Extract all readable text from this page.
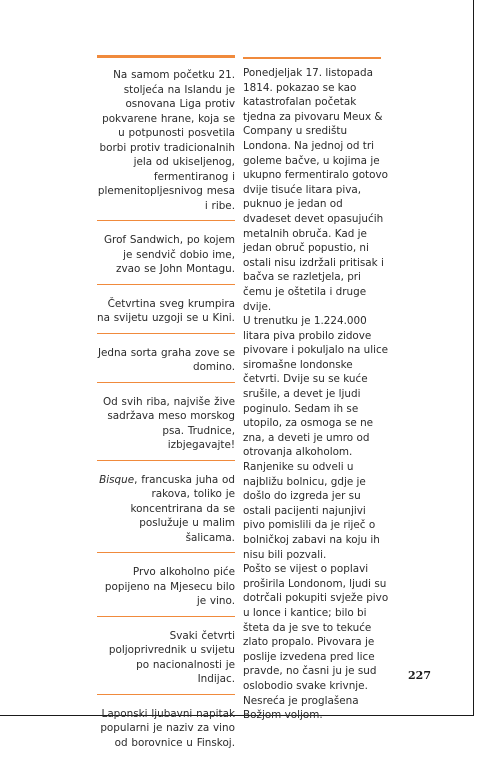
Na samom početku 21. stoljeća na Islandu je osnovana Liga protiv pokvarene hrane, koja se u potpunosti posvetila borbi protiv tradicionalnih jela od ukiseljenog, fermentiranog i plemenitopljesnivog mesa i ribe.
Grof Sandwich, po kojem je sendvič dobio ime, zvao se John Montagu.
Četvrtina sveg krumpira na svijetu uzgoji se u Kini.
Jedna sorta graha zove se domino.
Od svih riba, najviše žive sadržava meso morskog psa. Trudnice, izbjegavajte!
Bisque, francuska juha od rakova, toliko je koncentrirana da se poslužuje u malim šalicama.
Prvo alkoholno piće popijeno na Mjesecu bilo je vino.
Svaki četvrti poljoprivrednik u svijetu po nacionalnosti je Indijac.
Laponski ljubavni napitak popularni je naziv za vino od borovnice u Finskoj.

Ponedjeljak 17. listopada 1814. pokazao se kao katastrofalan početak tjedna za pivovaru Meux & Company u središtu Londona. Na jednoj od tri goleme bačve, u kojima je ukupno fermentiralo gotovo dvije tisuće litara piva, puknuo je jedan od dvadeset devet opasujućih metalnih obruča. Kad je jedan obruč popustio, ni ostali nisu izdržali pritisak i bačva se razletjela, pri čemu je oštetila i druge dvije.

U trenutku je 1.224.000 litara piva probilo zidove pivovare i pokuljalo na ulice siromašne londonske četvrti. Dvije su se kuće srušile, a devet je ljudi poginulo. Sedam ih se utopilo, za osmoga se ne zna, a deveti je umro od otrovanja alkoholom. Ranjenike su odveli u najbližu bolnicu, gdje je došlo do izgreda jer su ostali pacijenti najunjivi pivo pomislili da je riječ o bolničkoj zabavi na koju ih nisu bili pozvali.

Pošto se vijest o poplavi proširila Londonom, ljudi su dotrčali pokupiti svježe pivo u lonce i kantice; bilo bi šteta da je sve to tekuće zlato propalo. Pivovara je poslije izvedena pred lice pravde, no časni ju je sud oslobodio svake krivnje. Nesreća je proglašena Božjom voljom.

227
